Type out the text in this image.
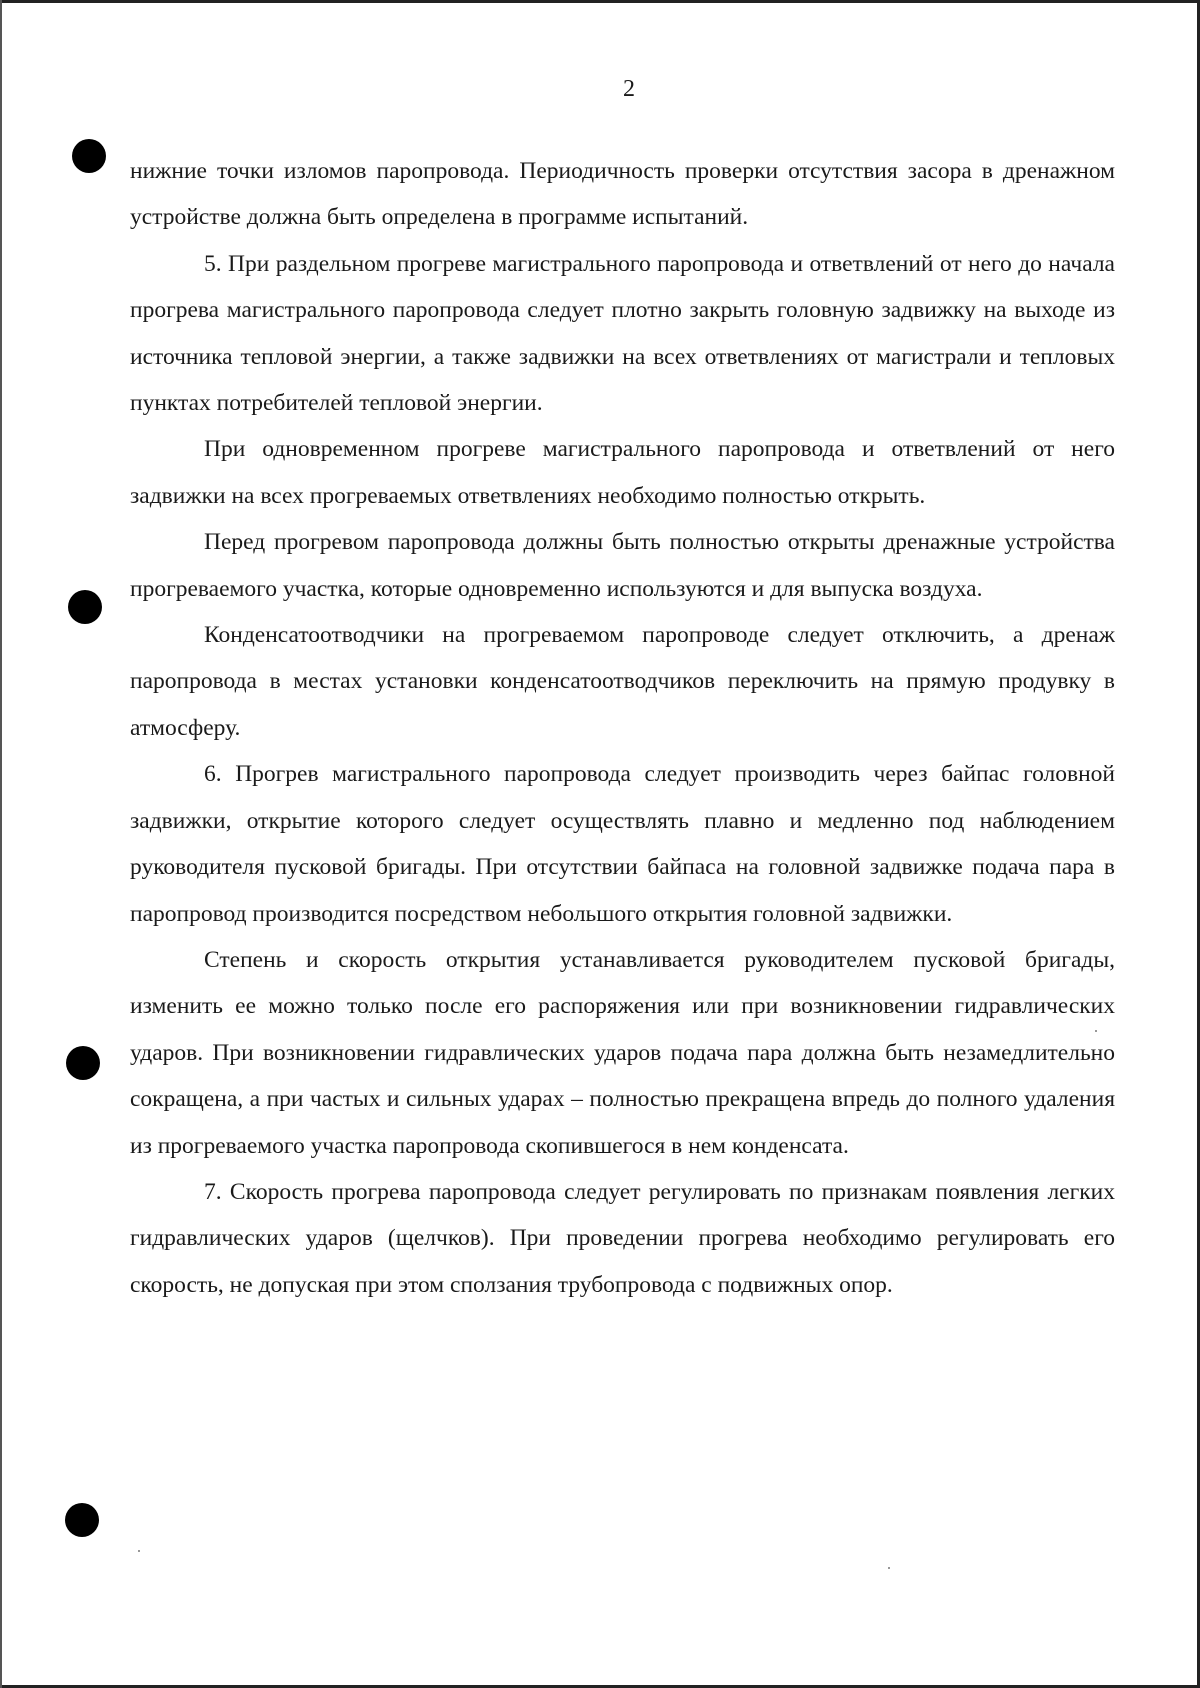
2

нижние точки изломов паропровода. Периодичность проверки отсутствия засора в дренажном устройстве должна быть определена в программе испытаний.

5. При раздельном прогреве магистрального паропровода и ответвлений от него до начала прогрева магистрального паропровода следует плотно закрыть головную задвижку на выходе из источника тепловой энергии, а также задвижки на всех ответвлениях от магистрали и тепловых пунктах потребителей тепловой энергии.

При одновременном прогреве магистрального паропровода и ответвлений от него задвижки на всех прогреваемых ответвлениях необходимо полностью открыть.

Перед прогревом паропровода должны быть полностью открыты дренажные устройства прогреваемого участка, которые одновременно используются и для выпуска воздуха.

Конденсатоотводчики на прогреваемом паропроводе следует отключить, а дренаж паропровода в местах установки конденсатоотводчиков переключить на прямую продувку в атмосферу.

6. Прогрев магистрального паропровода следует производить через байпас головной задвижки, открытие которого следует осуществлять плавно и медленно под наблюдением руководителя пусковой бригады. При отсутствии байпаса на головной задвижке подача пара в паропровод производится посредством небольшого открытия головной задвижки.

Степень и скорость открытия устанавливается руководителем пусковой бригады, изменить ее можно только после его распоряжения или при возникновении гидравлических ударов. При возникновении гидравлических ударов подача пара должна быть незамедлительно сокращена, а при частых и сильных ударах – полностью прекращена впредь до полного удаления из прогреваемого участка паропровода скопившегося в нем конденсата.

7. Скорость прогрева паропровода следует регулировать по признакам появления легких гидравлических ударов (щелчков). При проведении прогрева необходимо регулировать его скорость, не допуская при этом сползания трубопровода с подвижных опор.
